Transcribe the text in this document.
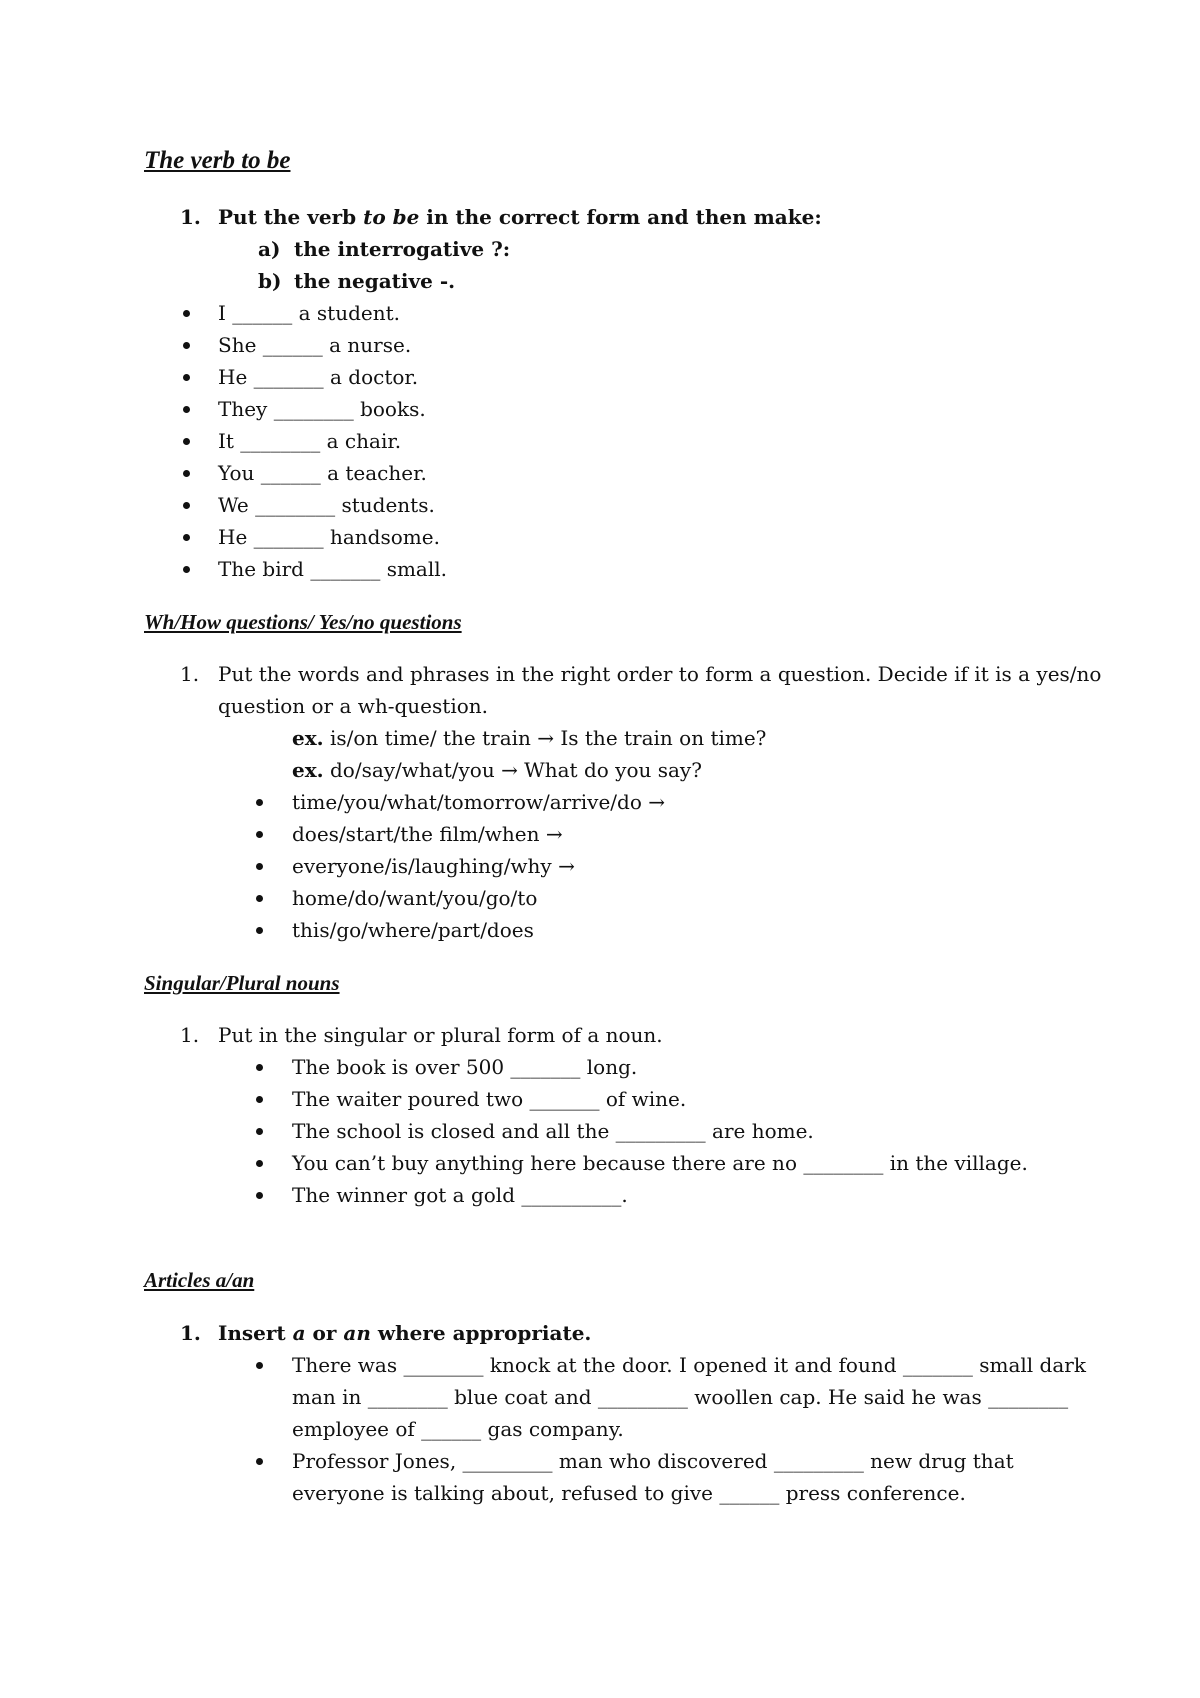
The verb to be
1. Put the verb to be in the correct form and then make:
a) the interrogative ?:
b) the negative -.
I ______ a student.
She ______ a nurse.
He _______ a doctor.
They ________ books.
It ________ a chair.
You ______ a teacher.
We ________ students.
He _______ handsome.
The bird _______ small.
Wh/How questions/ Yes/no questions
1. Put the words and phrases in the right order to form a question. Decide if it is a yes/no
question or a wh-question.
ex. is/on time/ the train → Is the train on time?
ex. do/say/what/you → What do you say?
time/you/what/tomorrow/arrive/do →
does/start/the film/when →
everyone/is/laughing/why →
home/do/want/you/go/to
this/go/where/part/does
Singular/Plural nouns
1. Put in the singular or plural form of a noun.
The book is over 500 _______ long.
The waiter poured two _______ of wine.
The school is closed and all the _________ are home.
You can’t buy anything here because there are no ________ in the village.
The winner got a gold __________.
Articles a/an
1. Insert a or an where appropriate.
There was ________ knock at the door. I opened it and found _______ small dark
man in ________ blue coat and _________ woollen cap. He said he was ________
employee of ______ gas company.
Professor Jones, _________ man who discovered _________ new drug that
everyone is talking about, refused to give ______ press conference.
